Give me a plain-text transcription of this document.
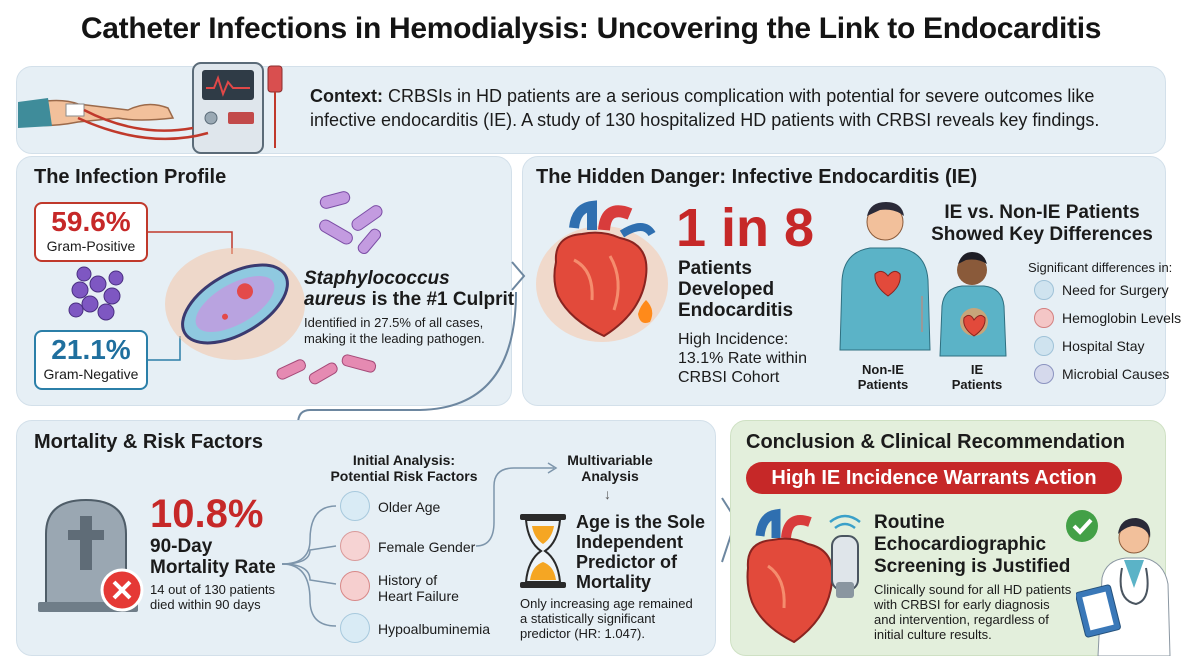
Catheter Infections in Hemodialysis: Uncovering the Link to Endocarditis
Context: CRBSIs in HD patients are a serious complication with potential for severe outcomes like
infective endocarditis (IE). A study of 130 hospitalized HD patients with CRBSI reveals key findings.
The Infection Profile
59.6%
Gram-Positive
21.1%
Gram-Negative
Staphylococcus
aureus is the #1 Culprit
Identified in 27.5% of all cases,
making it the leading pathogen.
The Hidden Danger: Infective Endocarditis (IE)
1 in 8
Patients
Developed
Endocarditis
High Incidence:
13.1% Rate within
CRBSI Cohort	Non-IE
Patients
IE
Patients
IE vs. Non-IE Patients
Showed Key Differences
Significant differences in:
Need for Surgery
Hemoglobin Levels
Hospital Stay
Microbial Causes
Mortality & Risk Factors
10.8%
90-Day
Mortality Rate
14 out of 130 patients
died within 90 days
Initial Analysis:
Potential Risk Factors
Older Age
Female Gender
History of
Heart Failure
Hypoalbuminemia
Multivariable
Analysis
↓
Age is the Sole
Independent
Predictor of
Mortality
Only increasing age remained
a statistically significant
predictor (HR: 1.047).
Conclusion & Clinical Recommendation
High IE Incidence Warrants Action
Routine
Echocardiographic
Screening is Justified
Clinically sound for all HD patients
with CRBSI for early diagnosis
and intervention, regardless of
initial culture results.
